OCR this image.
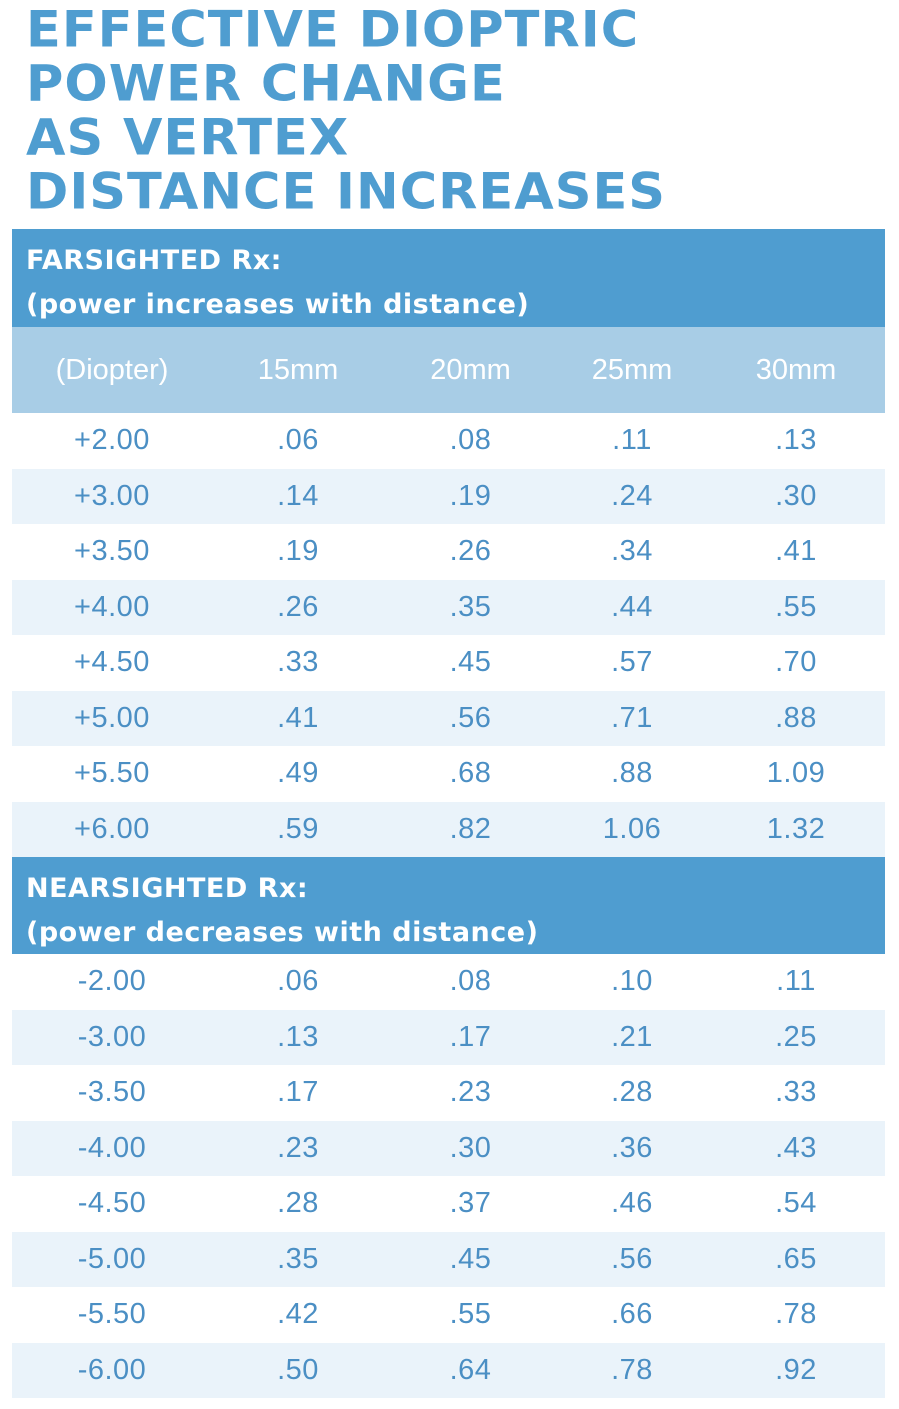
EFFECTIVE DIOPTRIC
POWER CHANGE
AS VERTEX
DISTANCE INCREASES
FARSIGHTED Rx:
(power increases with distance)
(Diopter)	15mm	20mm	25mm	30mm
+2.00	.06	.08	.11	.13
+3.00	.14	.19	.24	.30
+3.50	.19	.26	.34	.41
+4.00	.26	.35	.44	.55
+4.50	.33	.45	.57	.70
+5.00	.41	.56	.71	.88
+5.50	.49	.68	.88	1.09
+6.00	.59	.82	1.06	1.32
NEARSIGHTED Rx:
(power decreases with distance)
-2.00	.06	.08	.10	.11
-3.00	.13	.17	.21	.25
-3.50	.17	.23	.28	.33
-4.00	.23	.30	.36	.43
-4.50	.28	.37	.46	.54
-5.00	.35	.45	.56	.65
-5.50	.42	.55	.66	.78
-6.00	.50	.64	.78	.92
